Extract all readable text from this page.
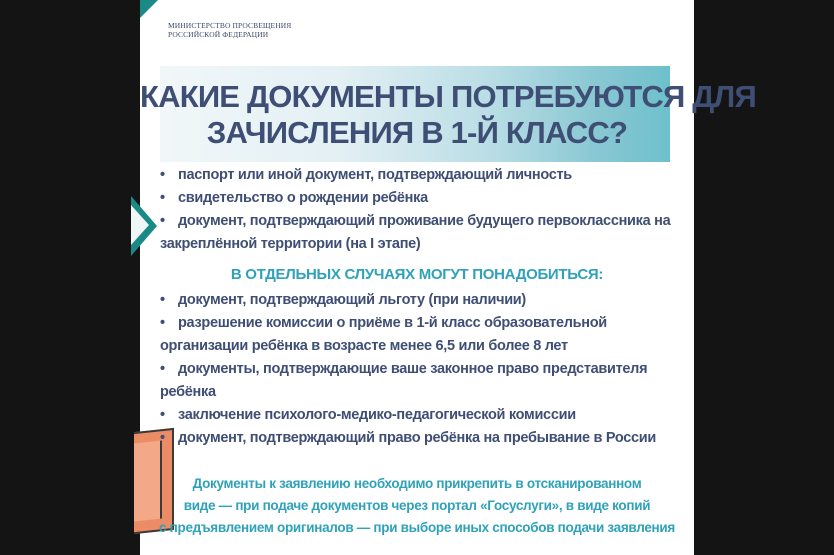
МИНИСТЕРСТВО ПРОСВЕЩЕНИЯ
РОССИЙСКОЙ ФЕДЕРАЦИИ
КАКИЕ ДОКУМЕНТЫ ПОТРЕБУЮТСЯ ДЛЯ
ЗАЧИСЛЕНИЯ В 1-Й КЛАСС?
• паспорт или иной документ, подтверждающий личность
• свидетельство о рождении ребёнка
• документ, подтверждающий проживание будущего первоклассника на
закреплённой территории (на I этапе)
В ОТДЕЛЬНЫХ СЛУЧАЯХ МОГУТ ПОНАДОБИТЬСЯ:
• документ, подтверждающий льготу (при наличии)
• разрешение комиссии о приёме в 1-й класс образовательной
организации ребёнка в возрасте менее 6,5 или более 8 лет
• документы, подтверждающие ваше законное право представителя
ребёнка
• заключение психолого-медико-педагогической комиссии
• документ, подтверждающий право ребёнка на пребывание в России
Документы к заявлению необходимо прикрепить в отсканированном
виде — при подаче документов через портал «Госуслуги», в виде копий
с предъявлением оригиналов — при выборе иных способов подачи заявления
